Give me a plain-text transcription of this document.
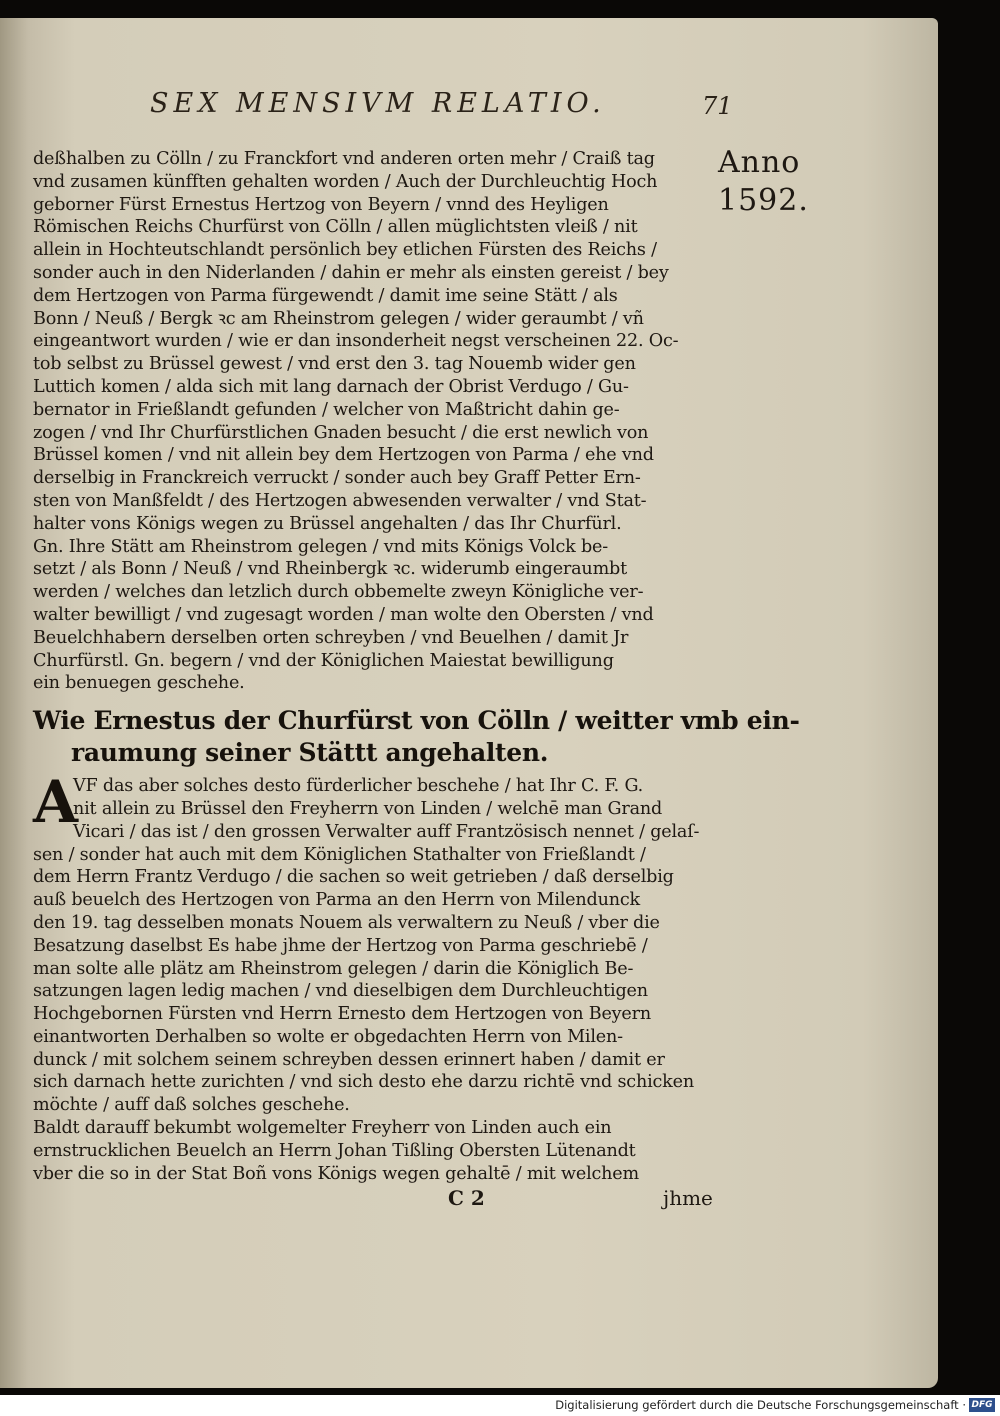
SEX MENSIVM RELATIO.	71
Anno
1592.
deßhalben zu Cölln / zu Franckfort vnd anderen orten mehr / Craiß tag
vnd zusamen künfften gehalten worden / Auch der Durchleuchtig Hoch
geborner Fürst Ernestus Hertzog von Beyern / vnnd des Heyligen
Römischen Reichs Churfürst von Cölln / allen müglichtsten vleiß / nit
allein in Hochteutschlandt persönlich bey etlichen Fürsten des Reichs /
sonder auch in den Niderlanden / dahin er mehr als einsten gereist / bey
dem Hertzogen von Parma fürgewendt / damit ime seine Stätt / als
Bonn / Neuß / Bergk ꝛc am Rheinstrom gelegen / wider geraumbt / vñ
eingeantwort wurden / wie er dan insonderheit negst verscheinen 22. Oc-
tob selbst zu Brüssel gewest / vnd erst den 3. tag Nouemb wider gen
Luttich komen / alda sich mit lang darnach der Obrist Verdugo / Gu-
bernator in Frießlandt gefunden / welcher von Maßtricht dahin ge-
zogen / vnd Ihr Churfürstlichen Gnaden besucht / die erst newlich von
Brüssel komen / vnd nit allein bey dem Hertzogen von Parma / ehe vnd
derselbig in Franckreich verruckt / sonder auch bey Graff Petter Ern-
sten von Manßfeldt / des Hertzogen abwesenden verwalter / vnd Stat-
halter vons Königs wegen zu Brüssel angehalten / das Ihr Churfürl.
Gn. Ihre Stätt am Rheinstrom gelegen / vnd mits Königs Volck be-
setzt / als Bonn / Neuß / vnd Rheinbergk ꝛc. widerumb eingeraumbt
werden / welches dan letzlich durch obbemelte zweyn Königliche ver-
walter bewilligt / vnd zugesagt worden / man wolte den Obersten / vnd
Beuelchhabern derselben orten schreyben / vnd Beuelhen / damit Jr
Churfürstl. Gn. begern / vnd der Königlichen Maiestat bewilligung
ein benuegen geschehe.
Wie Ernestus der Churfürst von Cölln / weitter vmb ein-
raumung seiner Stättt angehalten.
A
VF das aber solches desto fürderlicher beschehe / hat Ihr C. F. G.
nit allein zu Brüssel den Freyherrn von Linden / welchē man Grand
Vicari / das ist / den grossen Verwalter auff Frantzösisch nennet / gelaſ-
sen / sonder hat auch mit dem Königlichen Stathalter von Frießlandt /
dem Herrn Frantz Verdugo / die sachen so weit getrieben / daß derselbig
auß beuelch des Hertzogen von Parma an den Herrn von Milendunck
den 19. tag desselben monats Nouem als verwaltern zu Neuß / vber die
Besatzung daselbst Es habe jhme der Hertzog von Parma geschriebē /
man solte alle plätz am Rheinstrom gelegen / darin die Königlich Be-
satzungen lagen ledig machen / vnd dieselbigen dem Durchleuchtigen
Hochgebornen Fürsten vnd Herrn Ernesto dem Hertzogen von Beyern
einantworten Derhalben so wolte er obgedachten Herrn von Milen-
dunck / mit solchem seinem schreyben dessen erinnert haben / damit er
sich darnach hette zurichten / vnd sich desto ehe darzu richtē vnd schicken
möchte / auff daß solches geschehe.
Baldt darauff bekumbt wolgemelter Freyherr von Linden auch ein
ernstrucklichen Beuelch an Herrn Johan Tißling Obersten Lütenandt
vber die so in der Stat Boñ vons Königs wegen gehaltē / mit welchem
C 2	jhme
Digitalisierung gefördert durch die Deutsche Forschungsgemeinschaft · DFG
